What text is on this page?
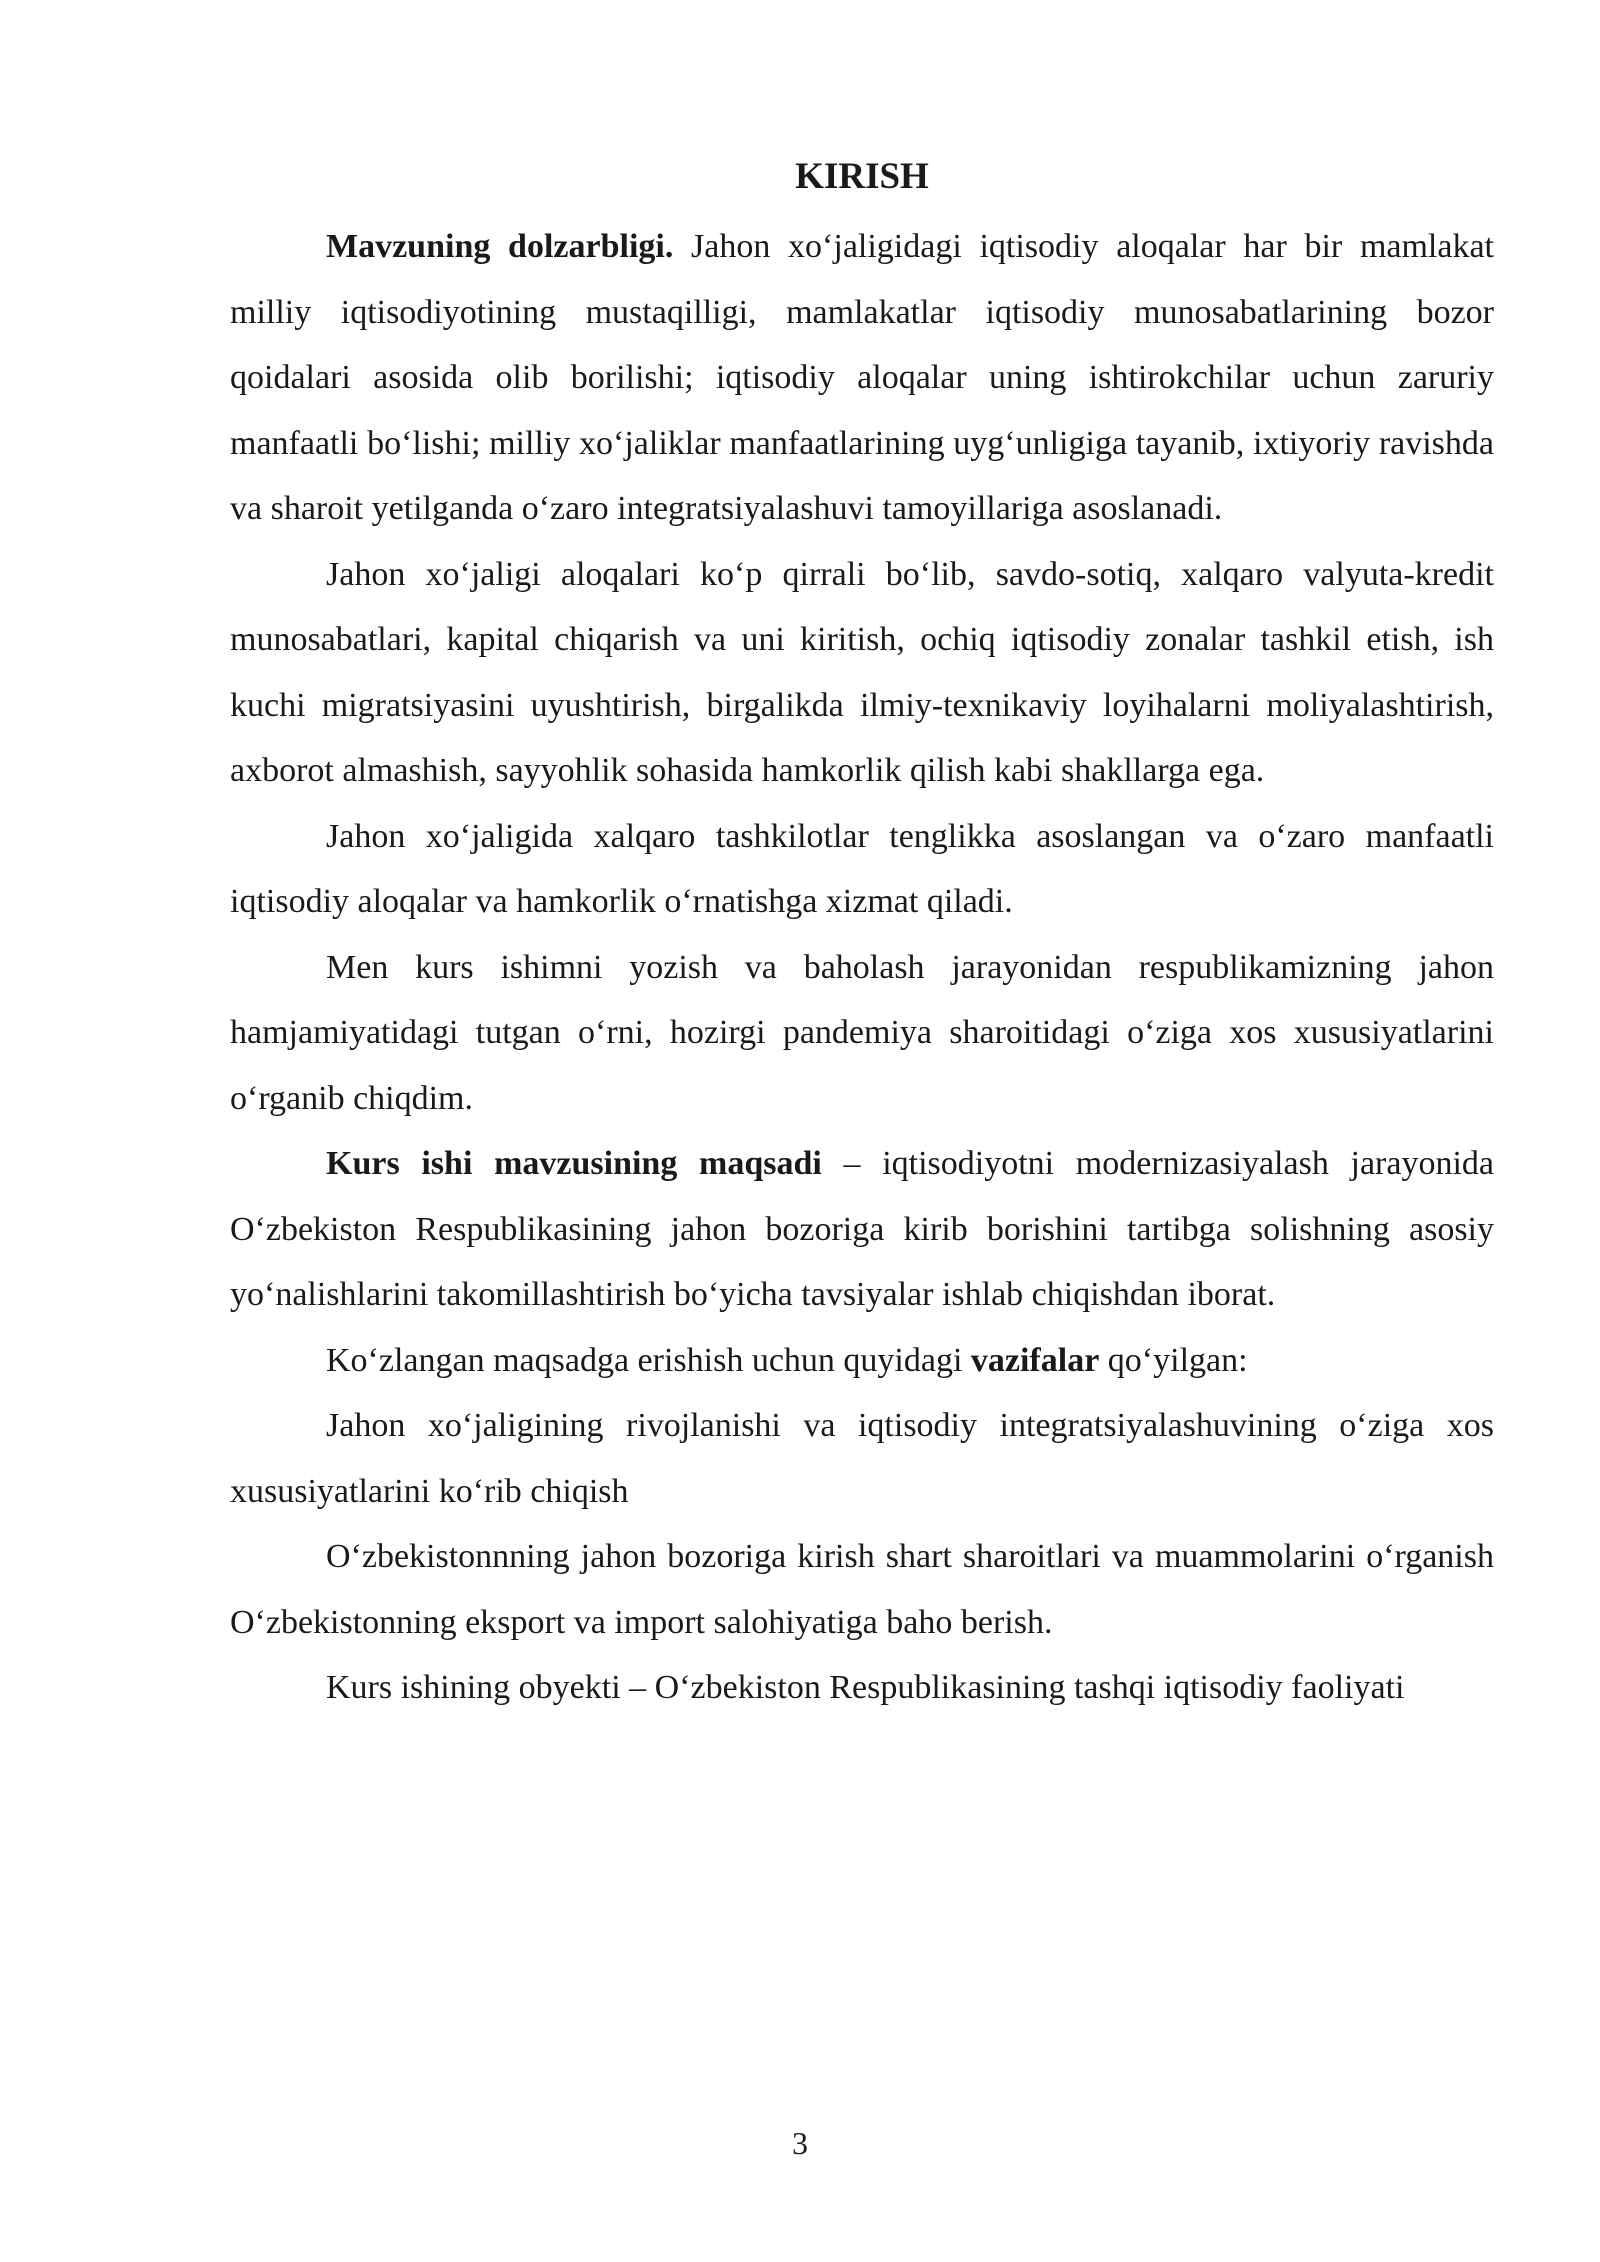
KIRISH

Mavzuning dolzarbligi. Jahon xo‘jaligidagi iqtisodiy aloqalar har bir mamlakat milliy iqtisodiyotining mustaqilligi, mamlakatlar iqtisodiy munosabatlarining bozor qoidalari asosida olib borilishi; iqtisodiy aloqalar uning ishtirokchilar uchun zaruriy manfaatli bo‘lishi; milliy xo‘jaliklar manfaatlarining uyg‘unligiga tayanib, ixtiyoriy ravishda va sharoit yetilganda o‘zaro integratsiyalashuvi tamoyillariga asoslanadi.

Jahon xo‘jaligi aloqalari ko‘p qirrali bo‘lib, savdo-sotiq, xalqaro valyuta-kredit munosabatlari, kapital chiqarish va uni kiritish, ochiq iqtisodiy zonalar tashkil etish, ish kuchi migratsiyasini uyushtirish, birgalikda ilmiy-texnikaviy loyihalarni moliyalashtirish, axborot almashish, sayyohlik sohasida hamkorlik qilish kabi shakllarga ega.

Jahon xo‘jaligida xalqaro tashkilotlar tenglikka asoslangan va o‘zaro manfaatli iqtisodiy aloqalar va hamkorlik o‘rnatishga xizmat qiladi.

Men kurs ishimni yozish va baholash jarayonidan respublikamizning jahon hamjamiyatidagi tutgan o‘rni, hozirgi pandemiya sharoitidagi o‘ziga xos xususiyatlarini o‘rganib chiqdim.

Kurs ishi mavzusining maqsadi – iqtisodiyotni modernizasiyalash jarayonida O‘zbekiston Respublikasining jahon bozoriga kirib borishini tartibga solishning asosiy yo‘nalishlarini takomillashtirish bo‘yicha tavsiyalar ishlab chiqishdan iborat.

Ko‘zlangan maqsadga erishish uchun quyidagi vazifalar qo‘yilgan:

Jahon xo‘jaligining rivojlanishi va iqtisodiy integratsiyalashuvining o‘ziga xos xususiyatlarini ko‘rib chiqish

O‘zbekistonnning jahon bozoriga kirish shart sharoitlari va muammolarini o‘rganish O‘zbekistonning eksport va import salohiyatiga baho berish.

Kurs ishining obyekti – O‘zbekiston Respublikasining tashqi iqtisodiy faoliyati

3
